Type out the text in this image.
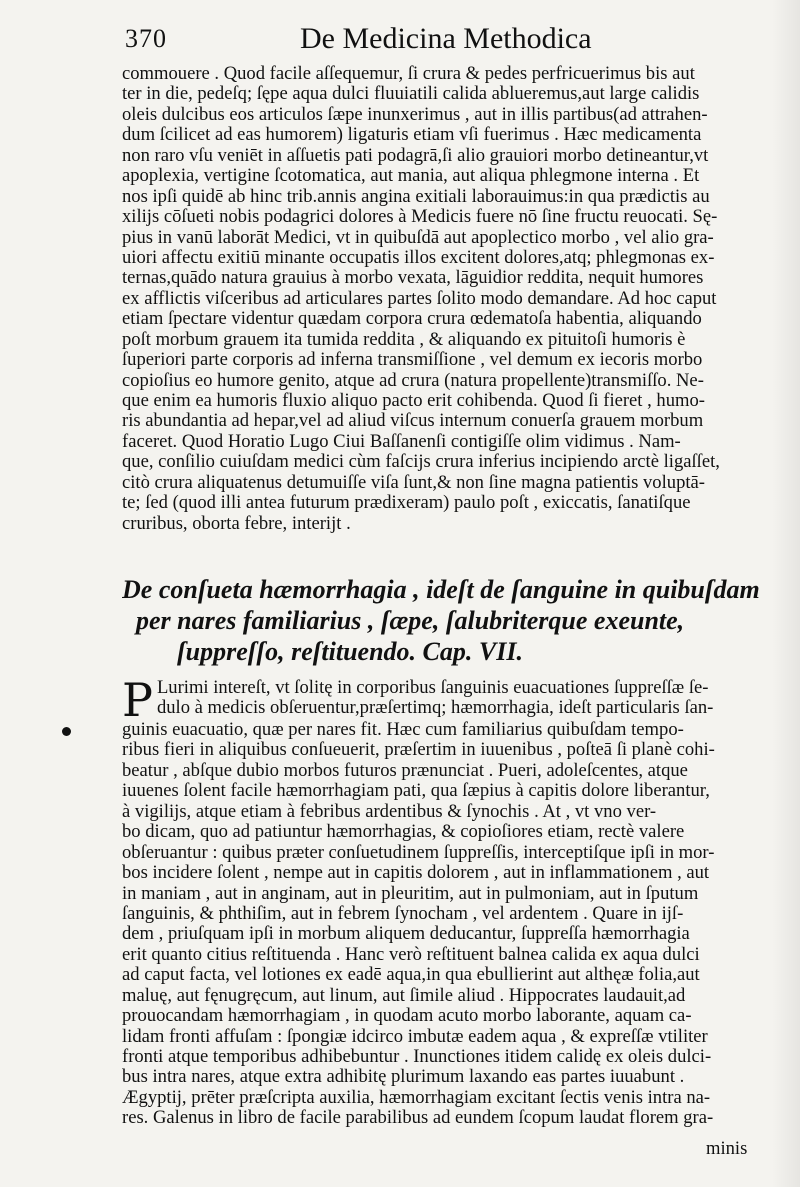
370	De Medicina Methodica
commouere . Quod facile aſſequemur, ſi crura & pedes perfricuerimus bis aut
ter in die, pedeſq; ſępe aqua dulci fluuiatili calida ablueremus,aut large calidis
oleis dulcibus eos articulos ſæpe inunxerimus , aut in illis partibus(ad attrahen-
dum ſcilicet ad eas humorem) ligaturis etiam vſi fuerimus . Hæc medicamenta
non raro vſu veniēt in aſſuetis pati podagrā,ſi alio grauiori morbo detineantur,vt
apoplexia, vertigine ſcotomatica, aut mania, aut aliqua phlegmone interna . Et
nos ipſi quidē ab hinc trib.annis angina exitiali laborauimus:in qua prædictis au
xilijs cōſueti nobis podagrici dolores à Medicis fuere nō ſine fructu reuocati. Sę-
pius in vanū laborāt Medici, vt in quibuſdā aut apoplectico morbo , vel alio gra-
uiori affectu exitiū minante occupatis illos excitent dolores,atq; phlegmonas ex-
ternas,quādo natura grauius à morbo vexata, lāguidior reddita, nequit humores
ex afflictis viſceribus ad articulares partes ſolito modo demandare. Ad hoc caput
etiam ſpectare videntur quædam corpora crura œdematoſa habentia, aliquando
poſt morbum grauem ita tumida reddita , & aliquando ex pituitoſi humoris è
ſuperiori parte corporis ad inferna transmiſſione , vel demum ex iecoris morbo
copioſius eo humore genito, atque ad crura (natura propellente)transmiſſo. Ne-
que enim ea humoris fluxio aliquo pacto erit cohibenda. Quod ſi fieret , humo-
ris abundantia ad hepar,vel ad aliud viſcus internum conuerſa grauem morbum
faceret. Quod Horatio Lugo Ciui Baſſanenſi contigiſſe olim vidimus . Nam-
que, conſilio cuiuſdam medici cùm faſcijs crura inferius incipiendo arctè ligaſſet,
citò crura aliquatenus detumuiſſe viſa ſunt,& non ſine magna patientis voluptā-
te; ſed (quod illi antea futurum prædixeram) paulo poſt , exiccatis, ſanatiſque
cruribus, oborta febre, interijt .
De conſueta hæmorrhagia , ideſt de ſanguine in quibuſdam
per nares familiarius , ſæpe, ſalubriterque exeunte,
ſuppreſſo, reſtituendo. Cap. VII.
P Lurimi intereſt, vt ſolitę in corporibus ſanguinis euacuationes ſuppreſſæ ſe-
dulo à medicis obſeruentur,præſertimq; hæmorrhagia, ideſt particularis ſan-
guinis euacuatio, quæ per nares fit. Hæc cum familiarius quibuſdam tempo-
ribus fieri in aliquibus conſueuerit, præſertim in iuuenibus , poſteā ſi planè cohi-
beatur , abſque dubio morbos futuros prænunciat . Pueri, adoleſcentes, atque
iuuenes ſolent facile hæmorrhagiam pati, qua ſæpius à capitis dolore liberantur,
à vigilijs, atque etiam à febribus ardentibus & ſynochis . At , vt vno ver-
bo dicam, quo ad patiuntur hæmorrhagias, & copioſiores etiam, rectè valere
obſeruantur : quibus præter conſuetudinem ſuppreſſis, interceptiſque ipſi in mor-
bos incidere ſolent , nempe aut in capitis dolorem , aut in inflammationem , aut
in maniam , aut in anginam, aut in pleuritim, aut in pulmoniam, aut in ſputum
ſanguinis, & phthiſim, aut in febrem ſynocham , vel ardentem . Quare in ijſ-
dem , priuſquam ipſi in morbum aliquem deducantur, ſuppreſſa hæmorrhagia
erit quanto citius reſtituenda . Hanc verò reſtituent balnea calida ex aqua dulci
ad caput facta, vel lotiones ex eadē aqua,in qua ebullierint aut althęæ folia,aut
maluę, aut fęnugręcum, aut linum, aut ſimile aliud . Hippocrates laudauit,ad
prouocandam hæmorrhagiam , in quodam acuto morbo laborante, aquam ca-
lidam fronti affuſam : ſpongiæ idcirco imbutæ eadem aqua , & expreſſæ vtiliter
fronti atque temporibus adhibebuntur . Inunctiones itidem calidę ex oleis dulci-
bus intra nares, atque extra adhibitę plurimum laxando eas partes iuuabunt .
Ægyptij, prēter præſcripta auxilia, hæmorrhagiam excitant ſectis venis intra na-
res. Galenus in libro de facile parabilibus ad eundem ſcopum laudat florem gra-
minis
